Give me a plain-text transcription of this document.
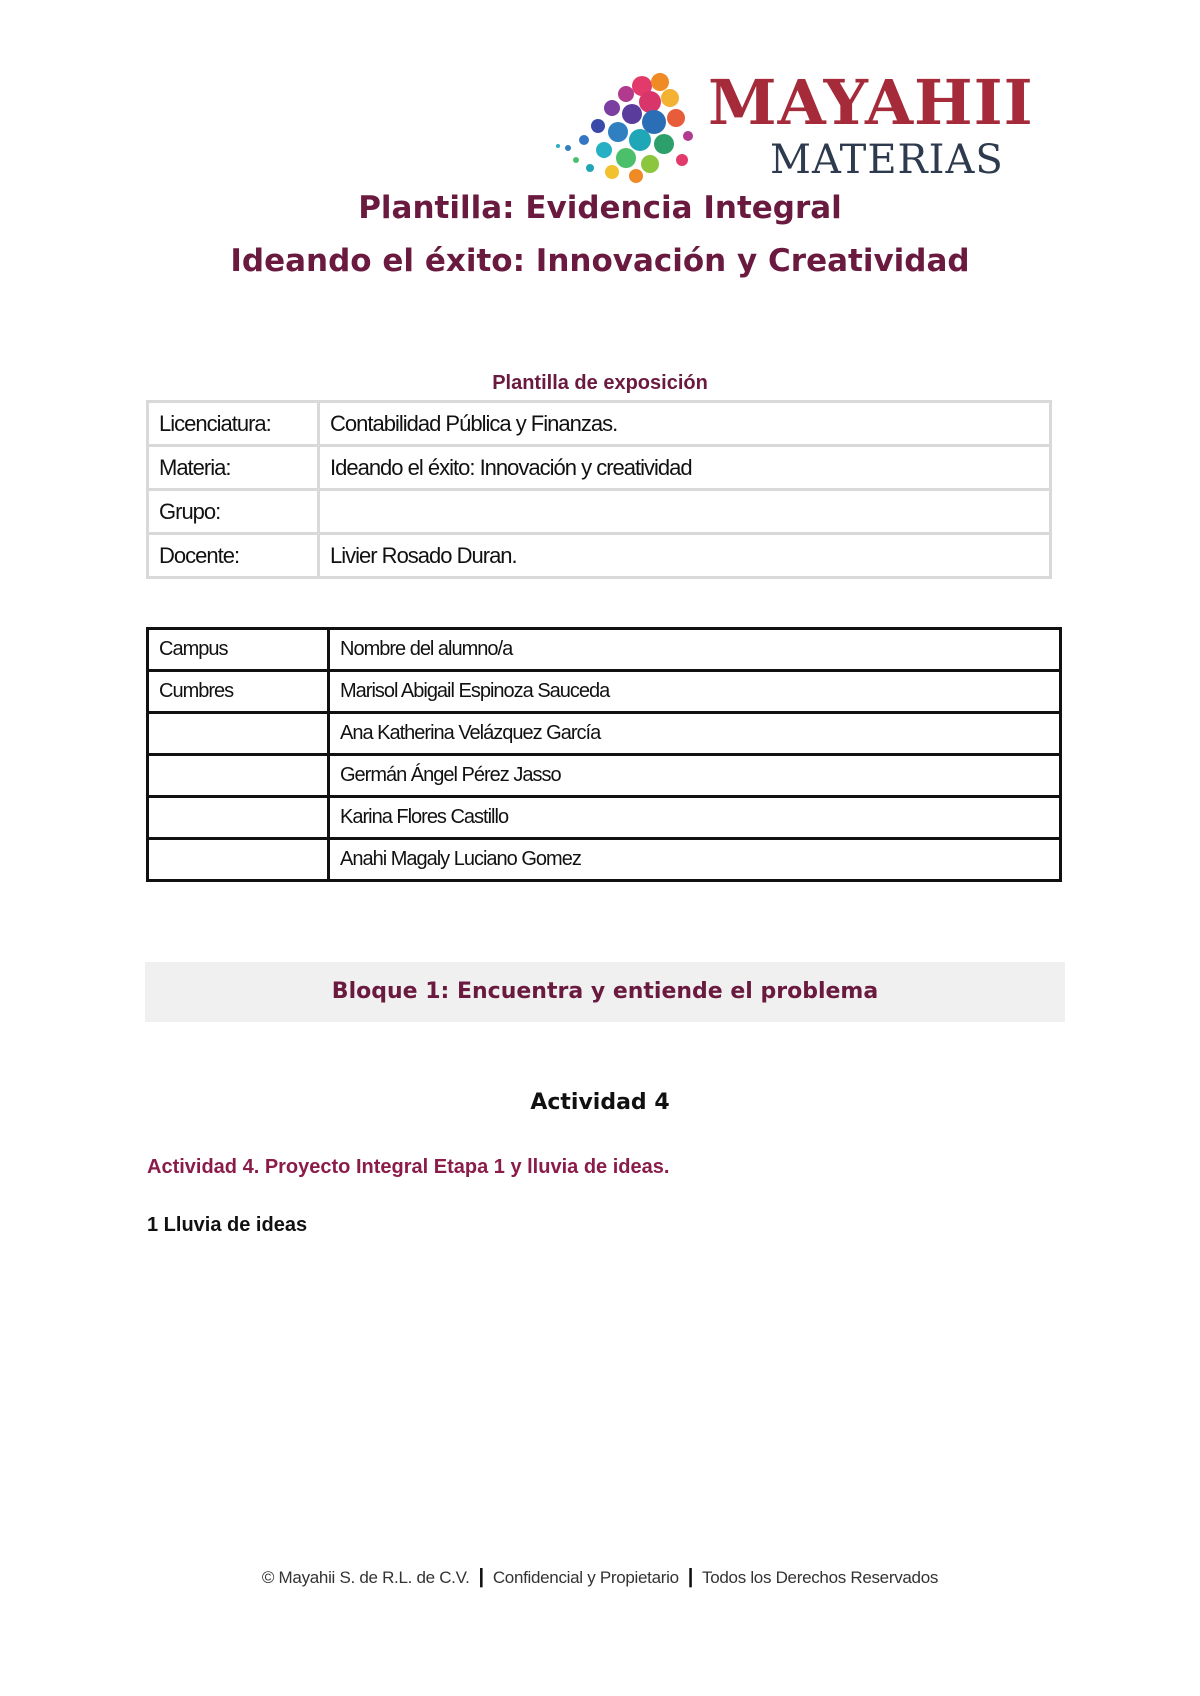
MAYAHII
MATERIAS
Plantilla: Evidencia Integral
Ideando el éxito: Innovación y Creatividad
Plantilla de exposición
Licenciatura:	Contabilidad Pública y Finanzas.
Materia:	Ideando el éxito: Innovación y creatividad
Grupo:	
Docente:	Livier Rosado Duran.
Campus	Nombre del alumno/a
Cumbres	Marisol Abigail Espinoza Sauceda
	Ana Katherina Velázquez García
	Germán Ángel Pérez Jasso
	Karina Flores Castillo
	Anahi Magaly Luciano Gomez
Bloque 1: Encuentra y entiende el problema
Actividad 4
Actividad 4. Proyecto Integral Etapa 1 y lluvia de ideas.
1 Lluvia de ideas
© Mayahii S. de R.L. de C.V. | Confidencial y Propietario | Todos los Derechos Reservados
